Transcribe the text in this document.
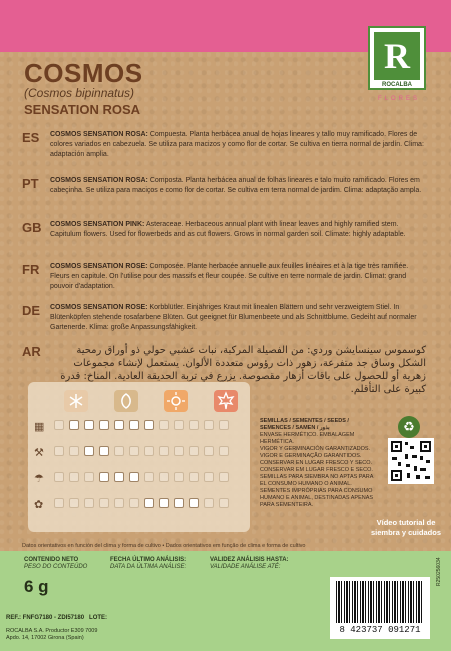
COSMOS
(Cosmos bipinnatus)
SENSATION ROSA
R
ROCALBA
FLORES
ES COSMOS SENSATION ROSA: Compuesta. Planta herbácea anual de hojas lineares y tallo muy ramificado. Flores de colores variados en cabezuela. Se utiliza para macizos y como flor de cortar. Se cultiva en tierra normal de jardín. Clima: adaptación amplia.
PT COSMOS SENSATION ROSA: Composta. Planta herbácea anual de folhas lineares e talo muito ramificado. Flores em cabeçinha. Se utiliza para maciços e como flor de cortar. Se cultiva em terra normal de jardim. Clima: adaptação ampla.
GB COSMOS SENSATION PINK: Asteraceae. Herbaceous annual plant with linear leaves and highly ramified stem. Capitulum flowers. Used for flowerbeds and as cut flowers. Grows in normal garden soil. Climate: highly adaptable.
FR COSMOS SENSATION ROSE: Composée. Plante herbacée annuelle aux feuilles linéaires et à la tige très ramifiée. Fleurs en capitule. On l'utilise pour des massifs et fleur coupée. Se cultive en terre normale de jardin. Climat: grand pouvoir d'adaptation.
DE COSMOS SENSATION ROSE: Korbblütler. Einjähriges Kraut mit linealen Blättern und sehr verzweigtem Stiel. In Blütenköpfen stehende rosafarbene Blüten. Gut geeignet für Blumenbeete und als Schnittblume. Gedeiht auf normaler Gartenerde. Klima: große Anpassungsfähigkeit.
AR	كوسموس سينسايشن وردي: من الفصيلة المركبة، نبات عشبي حولي ذو أوراق رمحية الشكل وساق جد متفرعة، زهور ذات رؤوس متعددة الألوان. يستعمل لإنشاء مجموعات زهرية أو للحصول على باقات أزهار مقصوصة. يزرع في تربة الحديقة العادية. المناخ: قدرة كبيرة على التأقلم.
▦
⚒
☂
✿
SEMILLAS / SEMENTES / SEEDS / SEMENCES / SAMEN / بذور
ENVASE HERMÉTICO. EMBALAGEM HERMÉTICA.
VIGOR Y GERMINACIÓN GARANTIZADOS. VIGOR E GERMINAÇÃO GARANTIDOS.
CONSERVAR EN LUGAR FRESCO Y SECO. CONSERVAR EM LUGAR FRESCO E SECO.
SEMILLAS PARA SIEMBRA NO APTAS PARA EL CONSUMO HUMANO O ANIMAL.
SEMENTES IMPRÓPRIAS PARA CONSUMO HUMANO E ANIMAL, DESTINADAS APENAS PARA SEMENTEIRA.
♻
Vídeo tutorial de siembra y cuidados
Datos orientativos en función del clima y forma de cultivo • Dados orientativos em função de clima e forma de cultivo
CONTENIDO NETO
PESO DO CONTEÚDO
6 g
FECHA ÚLTIMO ANÁLISIS:
DATA DA ÚLTIMA ANÁLISE:
VALIDEZ ANÁLISIS HASTA:
VALIDADE ANÁLISE ATÉ:
REF.: FNFG7180 - ZDI57180 LOTE:
ROCALBA S.A. Productor E309 7009
Apdo. 14, 17002 Girona (Spain)
8 423737 091271
R250256034
